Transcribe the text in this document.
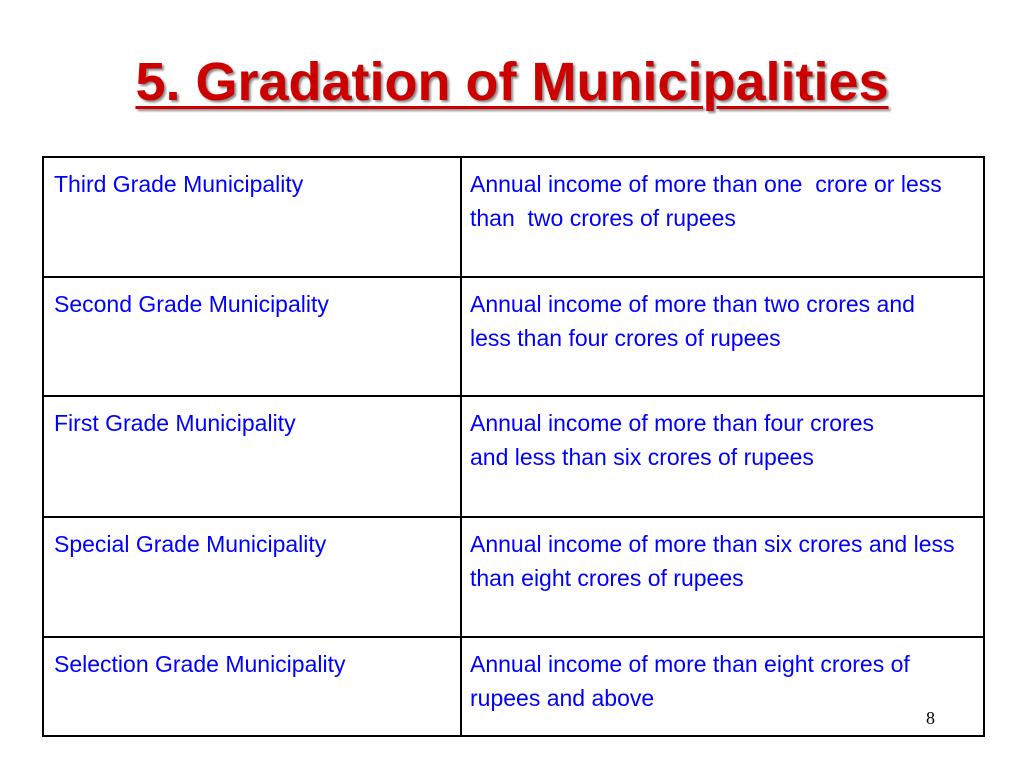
5. Gradation of Municipalities
Third Grade Municipality	Annual income of more than one  crore or less than  two crores of rupees

Second Grade Municipality	Annual income of more than two crores and less than four crores of rupees

First Grade Municipality	Annual income of more than four crores and less than six crores of rupees

Special Grade Municipality	Annual income of more than six crores and less than eight crores of rupees

Selection Grade Municipality	Annual income of more than eight crores of rupees and above
8
